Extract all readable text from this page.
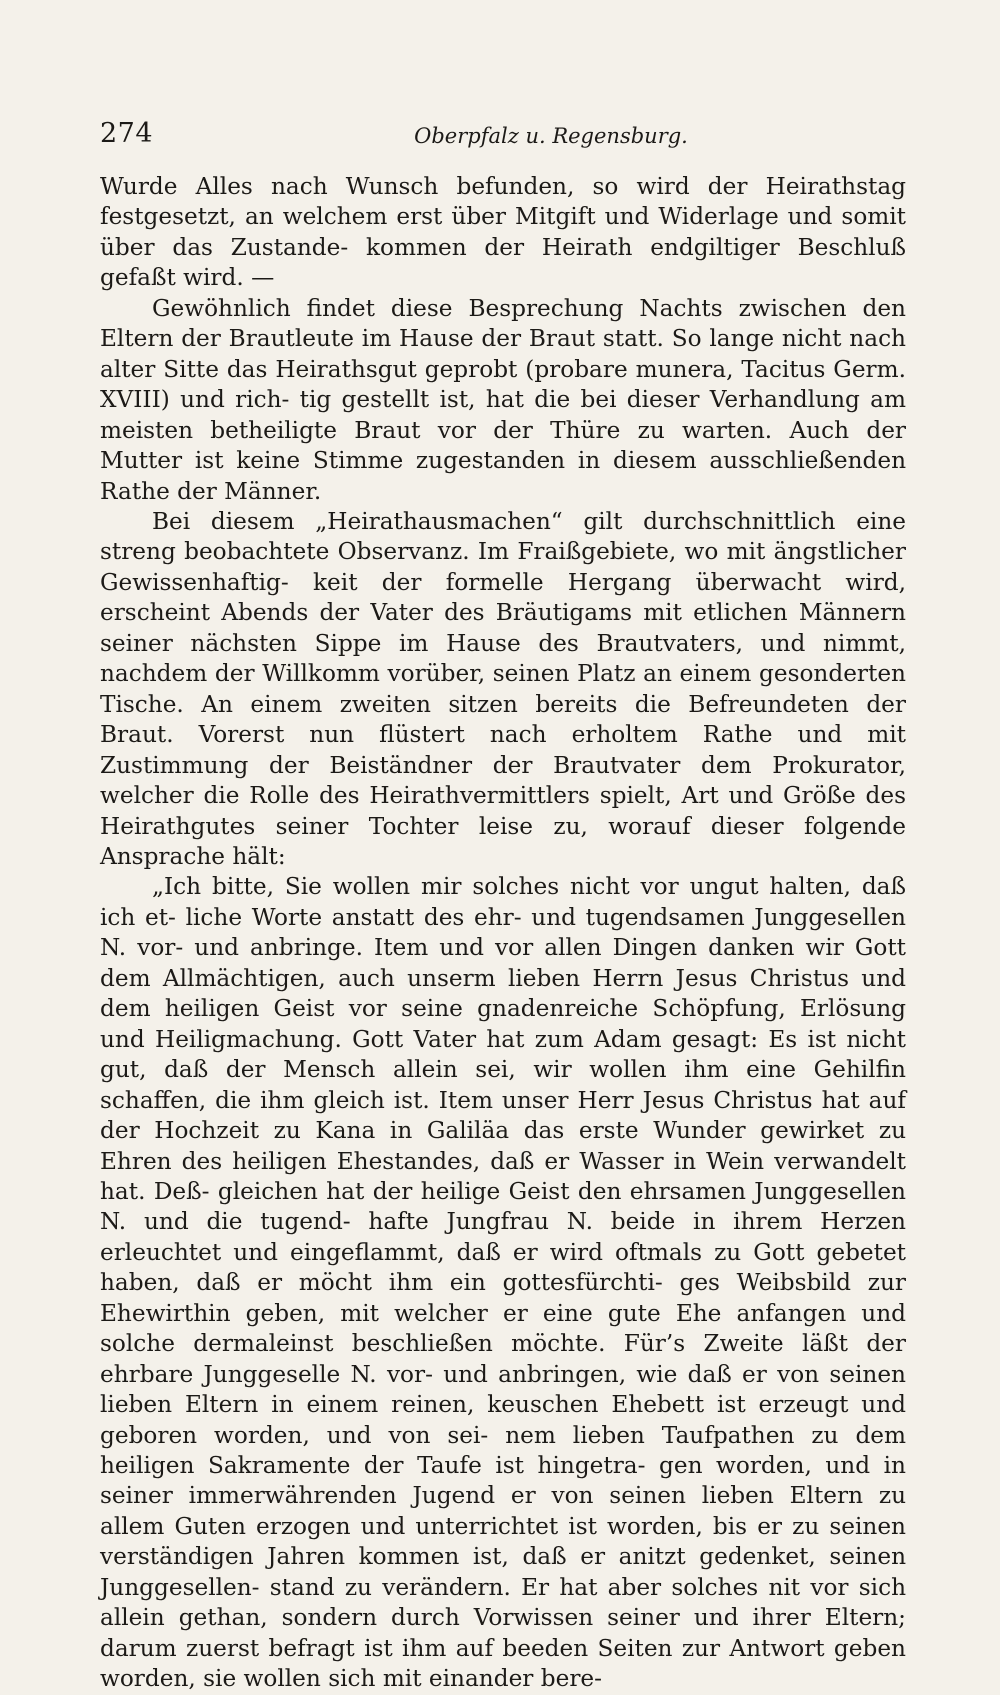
274	Oberpfalz u. Regensburg.

Wurde Alles nach Wunsch befunden, so wird der Heirathstag festgesetzt, an welchem erst über Mitgift und Widerlage und somit über das Zustande- kommen der Heirath endgiltiger Beschluß gefaßt wird. —

Gewöhnlich findet diese Besprechung Nachts zwischen den Eltern der Brautleute im Hause der Braut statt. So lange nicht nach alter Sitte das Heirathsgut geprobt (probare munera, Tacitus Germ. XVIII) und rich- tig gestellt ist, hat die bei dieser Verhandlung am meisten betheiligte Braut vor der Thüre zu warten. Auch der Mutter ist keine Stimme zugestanden in diesem ausschließenden Rathe der Männer.

Bei diesem „Heirathausmachen“ gilt durchschnittlich eine streng beobachtete Observanz. Im Fraißgebiete, wo mit ängstlicher Gewissenhaftig- keit der formelle Hergang überwacht wird, erscheint Abends der Vater des Bräutigams mit etlichen Männern seiner nächsten Sippe im Hause des Brautvaters, und nimmt, nachdem der Willkomm vorüber, seinen Platz an einem gesonderten Tische. An einem zweiten sitzen bereits die Befreundeten der Braut. Vorerst nun flüstert nach erholtem Rathe und mit Zustimmung der Beiständner der Brautvater dem Prokurator, welcher die Rolle des Heirathvermittlers spielt, Art und Größe des Heirathgutes seiner Tochter leise zu, worauf dieser folgende Ansprache hält:

„Ich bitte, Sie wollen mir solches nicht vor ungut halten, daß ich et- liche Worte anstatt des ehr- und tugendsamen Junggesellen N. vor- und anbringe. Item und vor allen Dingen danken wir Gott dem Allmächtigen, auch unserm lieben Herrn Jesus Christus und dem heiligen Geist vor seine gnadenreiche Schöpfung, Erlösung und Heiligmachung. Gott Vater hat zum Adam gesagt: Es ist nicht gut, daß der Mensch allein sei, wir wollen ihm eine Gehilfin schaffen, die ihm gleich ist. Item unser Herr Jesus Christus hat auf der Hochzeit zu Kana in Galiläa das erste Wunder gewirket zu Ehren des heiligen Ehestandes, daß er Wasser in Wein verwandelt hat. Deß- gleichen hat der heilige Geist den ehrsamen Junggesellen N. und die tugend- hafte Jungfrau N. beide in ihrem Herzen erleuchtet und eingeflammt, daß er wird oftmals zu Gott gebetet haben, daß er möcht ihm ein gottesfürchti- ges Weibsbild zur Ehewirthin geben, mit welcher er eine gute Ehe anfangen und solche dermaleinst beschließen möchte. Für’s Zweite läßt der ehrbare Junggeselle N. vor- und anbringen, wie daß er von seinen lieben Eltern in einem reinen, keuschen Ehebett ist erzeugt und geboren worden, und von sei- nem lieben Taufpathen zu dem heiligen Sakramente der Taufe ist hingetra- gen worden, und in seiner immerwährenden Jugend er von seinen lieben Eltern zu allem Guten erzogen und unterrichtet ist worden, bis er zu seinen verständigen Jahren kommen ist, daß er anitzt gedenket, seinen Junggesellen- stand zu verändern. Er hat aber solches nit vor sich allein gethan, sondern durch Vorwissen seiner und ihrer Eltern; darum zuerst befragt ist ihm auf beeden Seiten zur Antwort geben worden, sie wollen sich mit einander bere-
